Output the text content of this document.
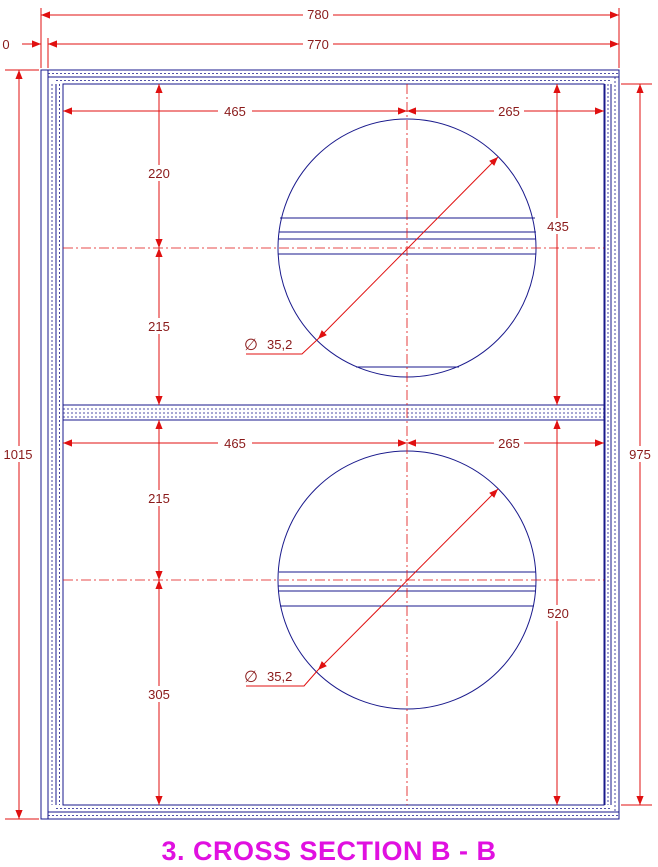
780
770
0
1015	975
465	265
220
215
435
465	265
215
305
520
∅ 35,2
∅ 35,2
3. CROSS SECTION B - B
